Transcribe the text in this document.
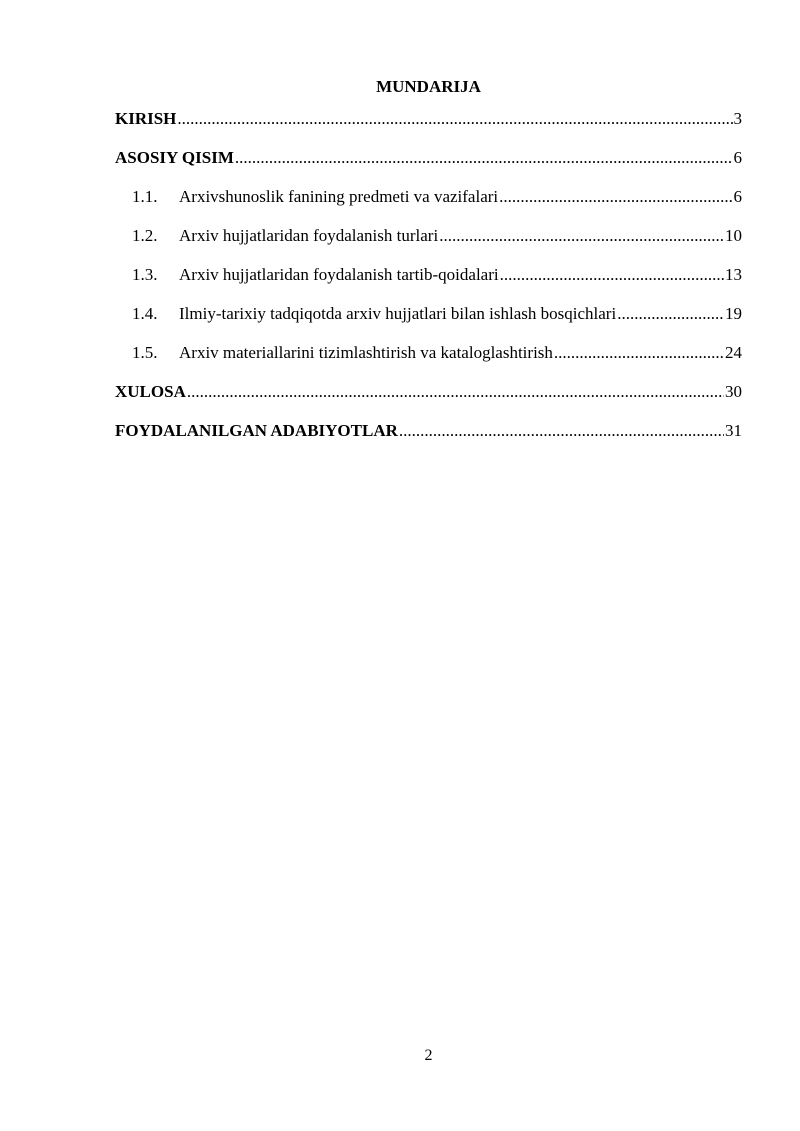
MUNDARIJA
KIRISH .....	3
ASOSIY QISIM .....	6
1.1.	Arxivshunoslik fanining predmeti va vazifalari .....	6
1.2.	Arxiv hujjatlaridan foydalanish turlari .....	10
1.3.	Arxiv hujjatlaridan foydalanish tartib-qoidalari .....	13
1.4.	Ilmiy-tarixiy tadqiqotda arxiv hujjatlari bilan ishlash bosqichlari .....	19
1.5.	Arxiv materiallarini tizimlashtirish va kataloglashtirish .....	24
XULOSA .....	30
FOYDALANILGAN ADABIYOTLAR .....	31
2
